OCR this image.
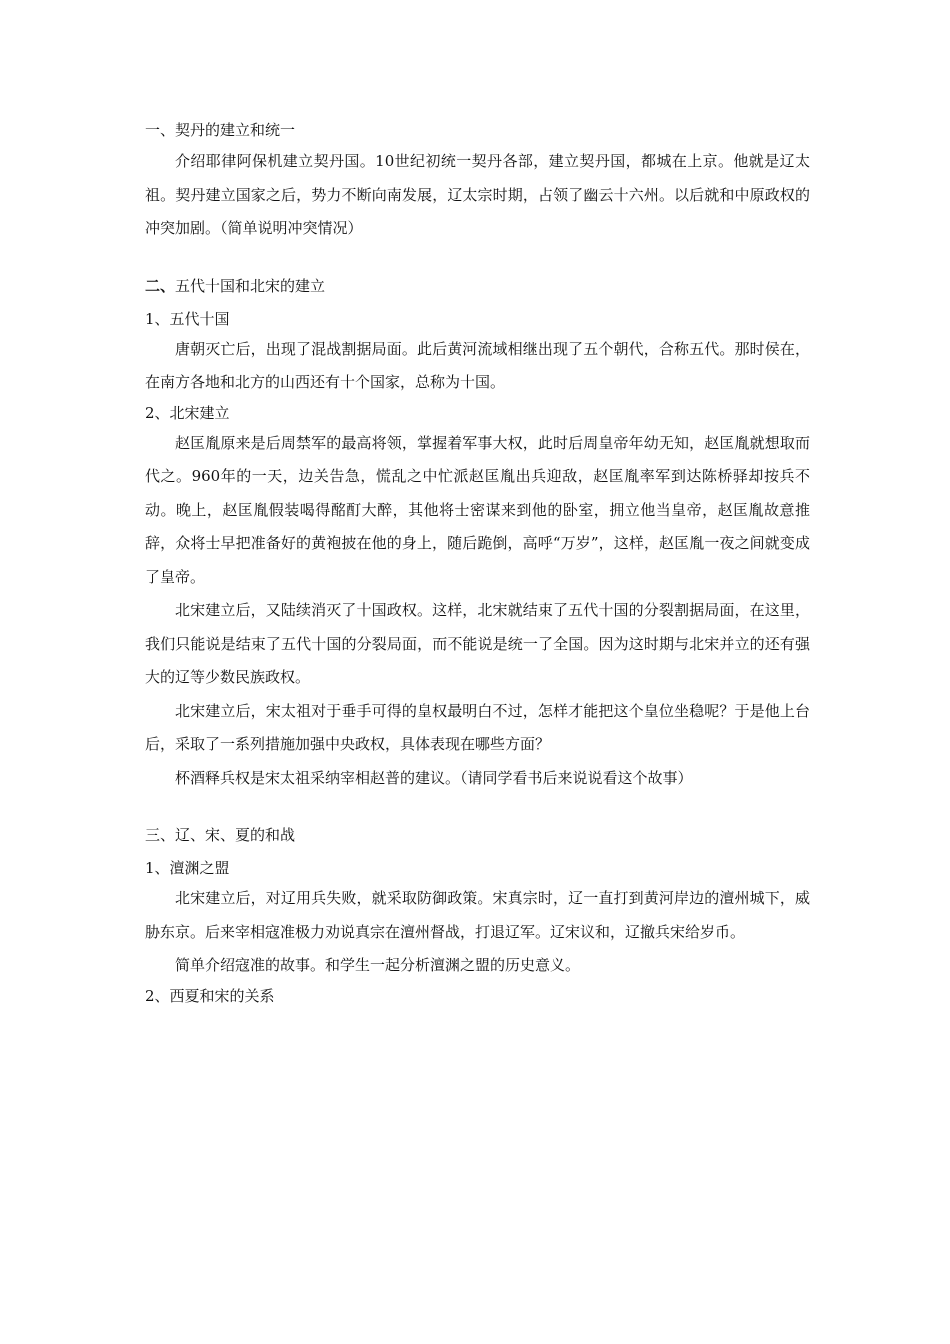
一、契丹的建立和统一

介绍耶律阿保机建立契丹国。10世纪初统一契丹各部，建立契丹国，都城在上京。他就是辽太祖。契丹建立国家之后，势力不断向南发展，辽太宗时期，占领了幽云十六州。以后就和中原政权的冲突加剧。（简单说明冲突情况）

二、五代十国和北宋的建立

1、五代十国

唐朝灭亡后，出现了混战割据局面。此后黄河流域相继出现了五个朝代，合称五代。那时侯在，在南方各地和北方的山西还有十个国家，总称为十国。

2、北宋建立

赵匡胤原来是后周禁军的最高将领，掌握着军事大权，此时后周皇帝年幼无知，赵匡胤就想取而代之。960年的一天，边关告急，慌乱之中忙派赵匡胤出兵迎敌，赵匡胤率军到达陈桥驿却按兵不动。晚上，赵匡胤假装喝得酩酊大醉，其他将士密谋来到他的卧室，拥立他当皇帝，赵匡胤故意推辞，众将士早把准备好的黄袍披在他的身上，随后跪倒，高呼“万岁”，这样，赵匡胤一夜之间就变成了皇帝。

北宋建立后，又陆续消灭了十国政权。这样，北宋就结束了五代十国的分裂割据局面，在这里，我们只能说是结束了五代十国的分裂局面，而不能说是统一了全国。因为这时期与北宋并立的还有强大的辽等少数民族政权。

北宋建立后，宋太祖对于垂手可得的皇权最明白不过，怎样才能把这个皇位坐稳呢？于是他上台后，采取了一系列措施加强中央政权，具体表现在哪些方面？

杯酒释兵权是宋太祖采纳宰相赵普的建议。（请同学看书后来说说看这个故事）

三、辽、宋、夏的和战

1、澶渊之盟

北宋建立后，对辽用兵失败，就采取防御政策。宋真宗时，辽一直打到黄河岸边的澶州城下，威胁东京。后来宰相寇准极力劝说真宗在澶州督战，打退辽军。辽宋议和，辽撤兵宋给岁币。

简单介绍寇准的故事。和学生一起分析澶渊之盟的历史意义。

2、西夏和宋的关系
